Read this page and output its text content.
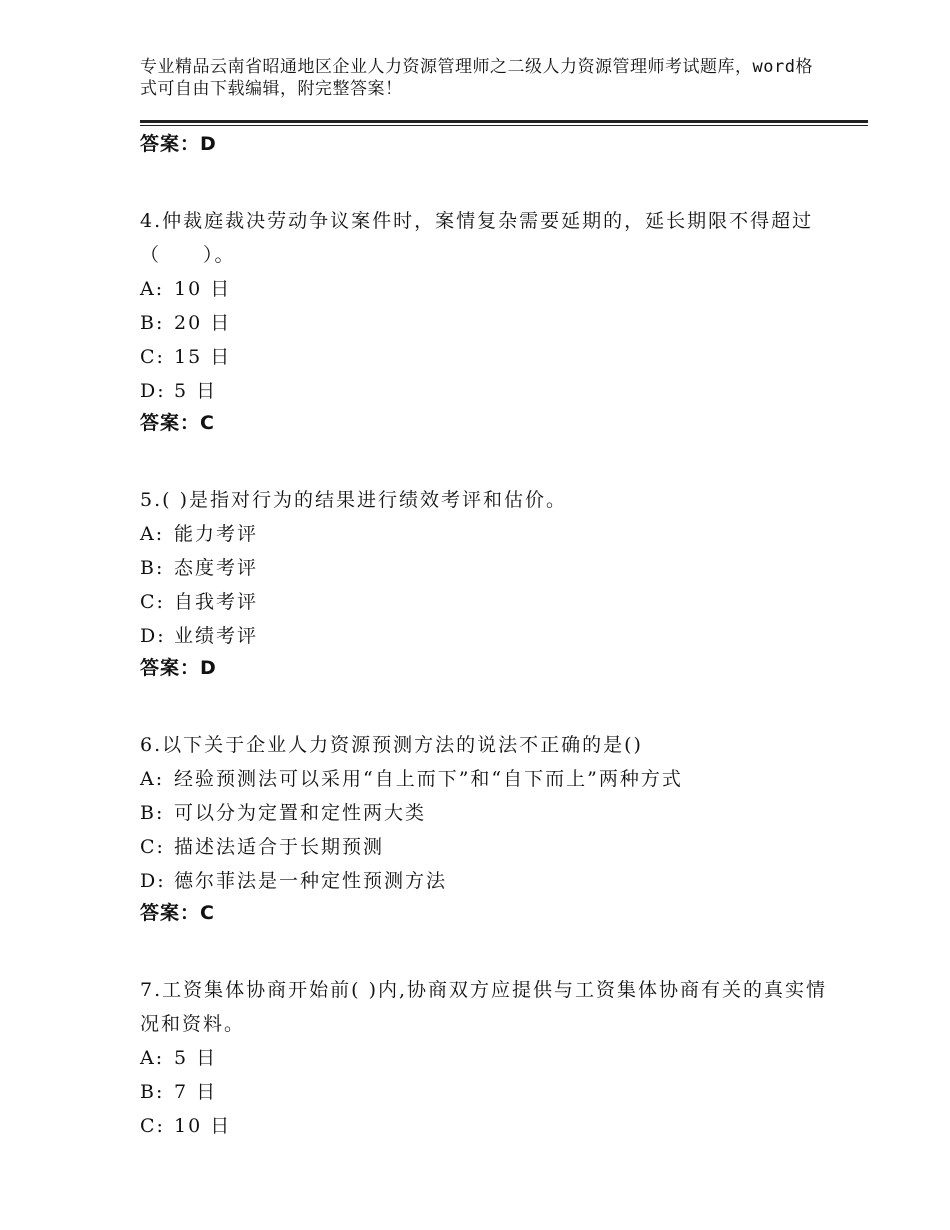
专业精品云南省昭通地区企业人力资源管理师之二级人力资源管理师考试题库，word格式可自由下载编辑，附完整答案！
答案：D
4.仲裁庭裁决劳动争议案件时，案情复杂需要延期的，延长期限不得超过（　　）。
A: 10 日
B: 20 日
C: 15 日
D: 5 日
答案：C
5.( )是指对行为的结果进行绩效考评和估价。
A: 能力考评
B: 态度考评
C: 自我考评
D: 业绩考评
答案：D
6.以下关于企业人力资源预测方法的说法不正确的是()
A: 经验预测法可以采用“自上而下”和“自下而上”两种方式
B: 可以分为定置和定性两大类
C: 描述法适合于长期预测
D: 德尔菲法是一种定性预测方法
答案：C
7.工资集体协商开始前( )内,协商双方应提供与工资集体协商有关的真实情况和资料。
A: 5 日
B: 7 日
C: 10 日
